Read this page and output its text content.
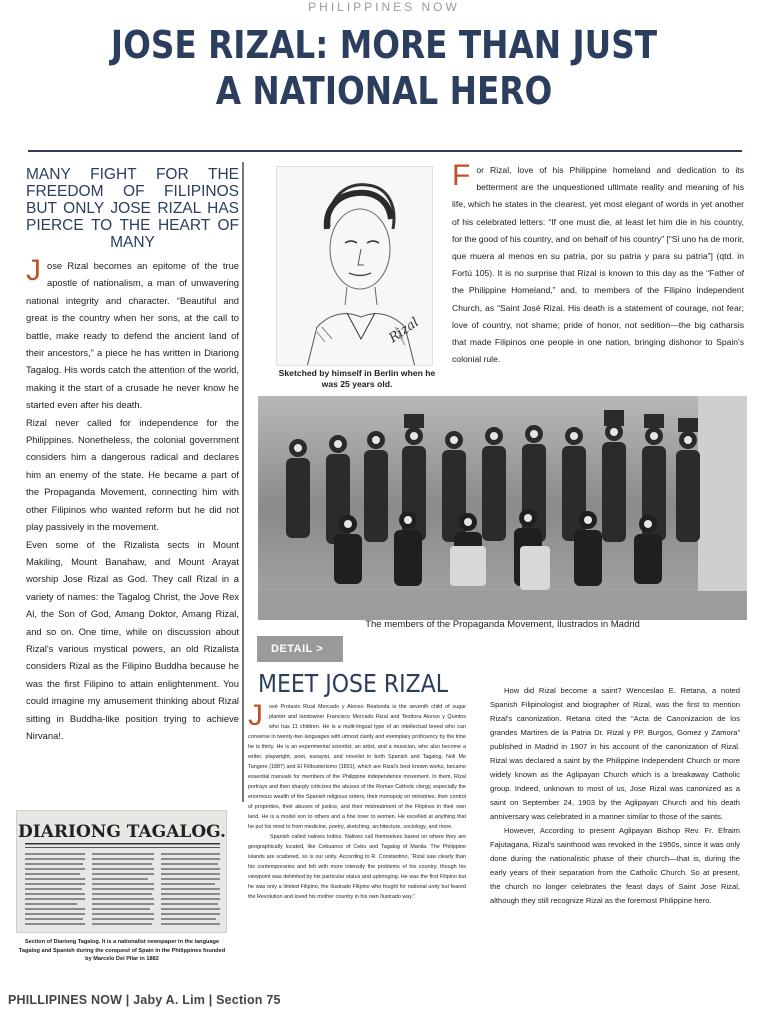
PHILIPPINES NOW
JOSE RIZAL: MORE THAN JUST
A NATIONAL HERO
MANY FIGHT FOR THE FREEDOM OF FILIPINOS BUT ONLY JOSE RIZAL HAS PIERCE TO THE HEART OF MANY

Jose Rizal becomes an epitome of the true apostle of nationalism, a man of unwavering national integrity and character. “Beautiful and great is the country when her sons, at the call to battle, make ready to defend the ancient land of their ancestors,” a piece he has written in Diariong Tagalog. His words catch the attention of the world, making it the start of a crusade he never know he started even after his death.

Rizal never called for independence for the Philippines. Nonetheless, the colonial government considers him a dangerous radical and declares him an enemy of the state. He became a part of the Propaganda Movement, connecting him with other Filipinos who wanted reform but he did not play passively in the movement.

Even some of the Rizalista sects in Mount Makiling, Mount Banahaw, and Mount Arayat worship Jose Rizal as God. They call Rizal in a variety of names: the Tagalog Christ, the Jove Rex Al, the Son of God, Amang Doktor, Amang Rizal, and so on. One time, while on discussion about Rizal's various mystical powers, an old Rizalista considers Rizal as the Filipino Buddha because he was the first Filipino to attain enlightenment. You could imagine my amusement thinking about Rizal sitting in Buddha-like position trying to achieve Nirvana!.

Rizal
Sketched by himself in Berlin when he was 25 years old.

For Rizal, love of his Philippine homeland and dedication to its betterment are the unquestioned ultimate reality and meaning of his life, which he states in the clearest, yet most elegant of words in yet another of his celebrated letters: “If one must die, at least let him die in his country, for the good of his country, and on behalf of his country” [“Si uno ha de morir, que muera al menos en su patria, por su patria y para su patria”] (qtd. in Fortú 105). It is no surprise that Rizal is known to this day as the “Father of the Philippine Homeland,” and, to members of the Filipino Independent Church, as “Saint José Rizal. His death is a statement of courage, not fear; love of country, not shame; pride of honor, not sedition—the big catharsis that made Filipinos one people in one nation, bringing dishonor to Spain's colonial rule.

The members of the Propaganda Movement, Ilustrados in Madrid
DETAIL >
MEET JOSE RIZAL

J osé Protasio Rizal Mercado y Alonso Realonda is the seventh child of sugar planter and landowner Francisco Mercado Rizal and Teodora Alonso y Quintos who has 11 children. He is a multi-lingual type of an intellectual breed who can converse in twenty-two languages with utmost clarity and exemplary proficiency by the time he is thirty. He is an experimental scientist, an artist, and a musician, who also become a writer, playwright, poet, essayist, and novelist in both Spanish and Tagalog. Noli Me Tangere (1887) and El Filibusterismo (1891), which are Rizal's best known works, became essential manuals for members of the Philippine independence movement. In them, Rizal portrays and then sharply criticizes the abuses of the Roman Catholic clergy, especially the enormous wealth of the Spanish religious orders, their monopoly on ministries, their control of properties, their abuses of justice, and their mistreatment of the Filipinos in their own land. He is a model son to others and a fine lover to women. He excelled at anything that he put his mind to from medicine, poetry, sketching, architecture, sociology, and more.

Spanish called natives Indios. Natives call themselves based on where they are geographically located, like Cebuanos of Cebu and Tagalog of Manila. The Philippine islands are scattered, so is our unity. According to R. Constantino, “Rizal saw clearly than his contemporaries and felt with more intensity the problems of his country, though his viewpoint was delimited by his particular status and upbringing. He was the first Filipino but he was only a limited Filipino, the Ilustrado Filipino who fought for national unity but feared the Revolution and loved his mother country in his own Ilustrado way.”

How did Rizal become a saint? Wenceslao E. Retana, a noted Spanish Filipinologist and biographer of Rizal, was the first to mention Rizal's canonization. Retana cited the “Acta de Canonizacion de los grandes Martires de la Patria Dr. Rizal y PP. Burgos, Gomez y Zamora” published in Madrid in 1907 in his account of the canonization of Rizal. Rizal was declared a saint by the Philippine Independent Church or more widely known as the Aglipayan Church which is a breakaway Catholic group. Indeed, unknown to most of us, Jose Rizal was canonized as a saint on September 24, 1903 by the Aglipayan Church and his death anniversary was celebrated in a manner similar to those of the saints.

However, According to present Aglipayan Bishop Rev. Fr. Efraim Fajutagana, Rizal's sainthood was revoked in the 1950s, since it was only done during the nationalistic phase of their church—that is, during the early years of their separation from the Catholic Church. So at present, the church no longer celebrates the feast days of Saint Jose Rizal, although they still recognize Rizal as the foremost Philippine hero.

DIARIONG TAGALOG.
Section of Diariong Tagalog. It is a nationalist newspaper in the language Tagalog and Spanish during the conquest of Spain in the Philippines founded by Marcelo Del Pilar in 1882
PHILLIPINES NOW | Jaby A. Lim | Section 75
